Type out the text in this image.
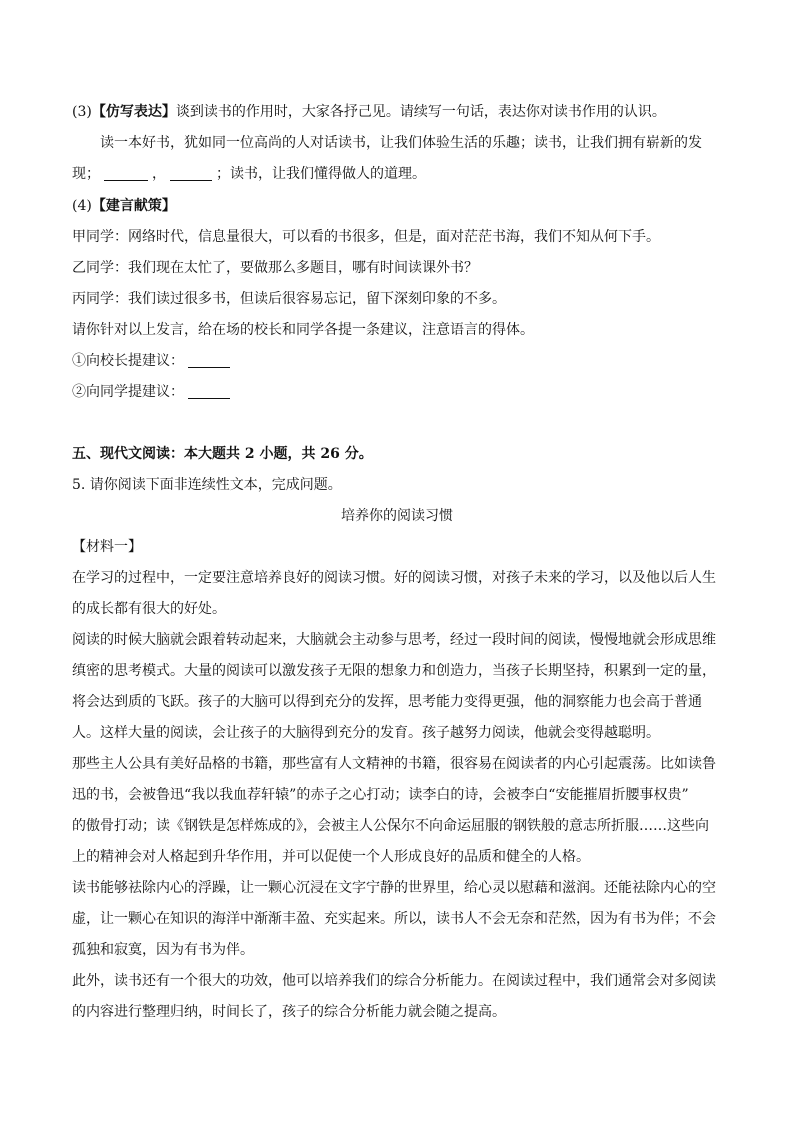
(3)【仿写表达】谈到读书的作用时，大家各抒己见。请续写一句话，表达你对读书作用的认识。
读一本好书，犹如同一位高尚的人对话读书，让我们体验生活的乐趣；读书，让我们拥有崭新的发
现；	，	；读书，让我们懂得做人的道理。
(4)【建言献策】
甲同学：网络时代，信息量很大，可以看的书很多，但是，面对茫茫书海，我们不知从何下手。
乙同学：我们现在太忙了，要做那么多题目，哪有时间读课外书？
丙同学：我们读过很多书，但读后很容易忘记，留下深刻印象的不多。
请你针对以上发言，给在场的校长和同学各提一条建议，注意语言的得体。
①向校长提建议：
②向同学提建议：
五、现代文阅读：本大题共 2 小题，共 26 分。
5. 请你阅读下面非连续性文本，完成问题。
培养你的阅读习惯
【材料一】
在学习的过程中，一定要注意培养良好的阅读习惯。好的阅读习惯，对孩子未来的学习，以及他以后人生
的成长都有很大的好处。
阅读的时候大脑就会跟着转动起来，大脑就会主动参与思考，经过一段时间的阅读，慢慢地就会形成思维
缜密的思考模式。大量的阅读可以激发孩子无限的想象力和创造力，当孩子长期坚持，积累到一定的量，
将会达到质的飞跃。孩子的大脑可以得到充分的发挥，思考能力变得更强，他的洞察能力也会高于普通
人。这样大量的阅读，会让孩子的大脑得到充分的发育。孩子越努力阅读，他就会变得越聪明。
那些主人公具有美好品格的书籍，那些富有人文精神的书籍，很容易在阅读者的内心引起震荡。比如读鲁
迅的书，会被鲁迅“我以我血荐轩辕”的赤子之心打动；读李白的诗，会被李白“安能摧眉折腰事权贵”
的傲骨打动；读《钢铁是怎样炼成的》，会被主人公保尔不向命运屈服的钢铁般的意志所折服……这些向
上的精神会对人格起到升华作用，并可以促使一个人形成良好的品质和健全的人格。
读书能够祛除内心的浮躁，让一颗心沉浸在文字宁静的世界里，给心灵以慰藉和滋润。还能祛除内心的空
虚，让一颗心在知识的海洋中渐渐丰盈、充实起来。所以，读书人不会无奈和茫然，因为有书为伴；不会
孤独和寂寞，因为有书为伴。
此外，读书还有一个很大的功效，他可以培养我们的综合分析能力。在阅读过程中，我们通常会对多阅读
的内容进行整理归纳，时间长了，孩子的综合分析能力就会随之提高。
